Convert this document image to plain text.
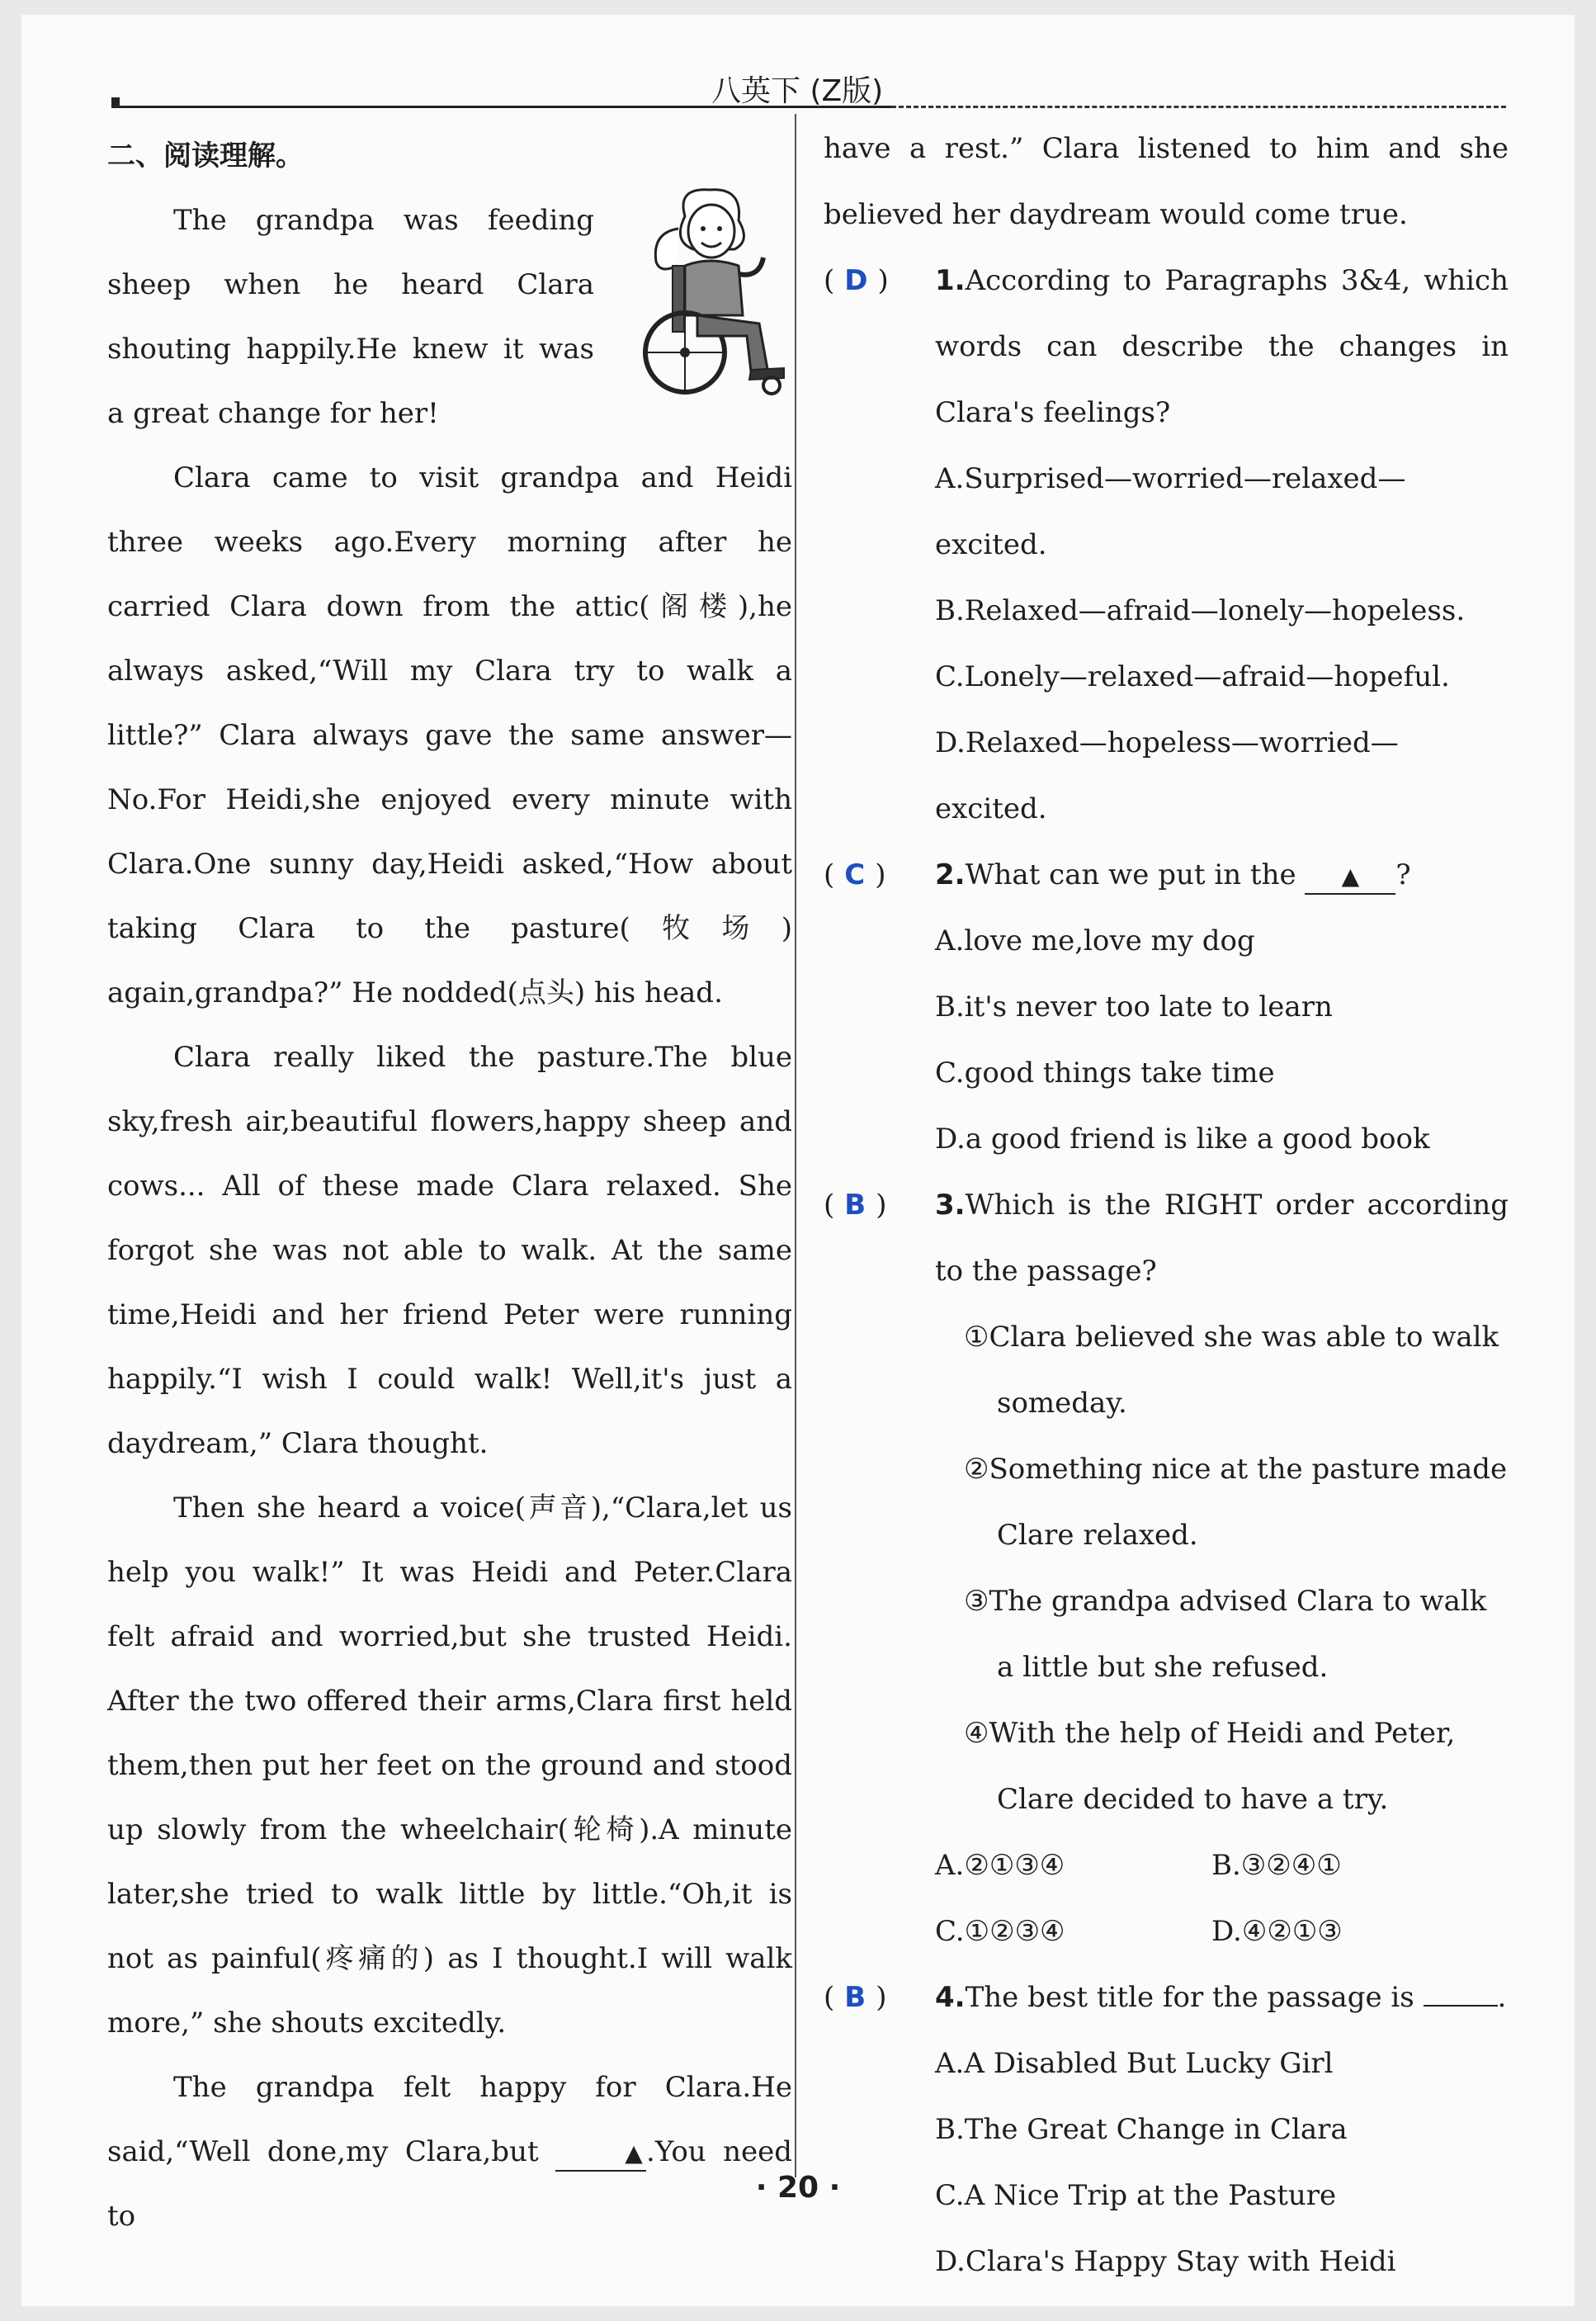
八英下 (Z版)
二、阅读理解。

The grandpa was feeding sheep when he heard Clara shouting happily.He knew it was a great change for her!

Clara came to visit grandpa and Heidi three weeks ago.Every morning after he carried Clara down from the attic(阁楼),he always asked,“Will my Clara try to walk a little?” Clara always gave the same answer—No.For Heidi,she enjoyed every minute with Clara.One sunny day,Heidi asked,“How about taking Clara to the pasture(牧场) again,grandpa?” He nodded(点头) his head.

Clara really liked the pasture.The blue sky,fresh air,beautiful flowers,happy sheep and cows... All of these made Clara relaxed. She forgot she was not able to walk. At the same time,Heidi and her friend Peter were running happily.“I wish I could walk! Well,it's just a daydream,” Clara thought.

Then she heard a voice(声音),“Clara,let us help you walk!” It was Heidi and Peter.Clara felt afraid and worried,but she trusted Heidi. After the two offered their arms,Clara first held them,then put her feet on the ground and stood up slowly from the wheelchair(轮椅).A minute later,she tried to walk little by little.“Oh,it is not as painful(疼痛的) as I thought.I will walk more,” she shouts excitedly.

The grandpa felt happy for Clara.He said,“Well done,my Clara,but	▲ .You need to

have a rest.” Clara listened to him and she believed her daydream would come true.

( D )	1.According to Paragraphs 3&4, which words can describe the changes in Clara's feelings?

A.Surprised—worried—relaxed—excited.

B.Relaxed—afraid—lonely—hopeless.

C.Lonely—relaxed—afraid—hopeful.

D.Relaxed—hopeless—worried—excited.

( C )	2.What can we put in the ▲ ?

A.love me,love my dog

B.it's never too late to learn

C.good things take time

D.a good friend is like a good book

( B )	3.Which is the RIGHT order according to the passage?

①Clara believed she was able to walk someday.

②Something nice at the pasture made Clare relaxed.

③The grandpa advised Clara to walk a little but she refused.

④With the help of Heidi and Peter, Clare decided to have a try.

A.②①③④	B.③②④①
C.①②③④	D.④②①③
( B )	4.The best title for the passage is	.

A.A Disabled But Lucky Girl

B.The Great Change in Clara

C.A Nice Trip at the Pasture

D.Clara's Happy Stay with Heidi

· 20 ·
